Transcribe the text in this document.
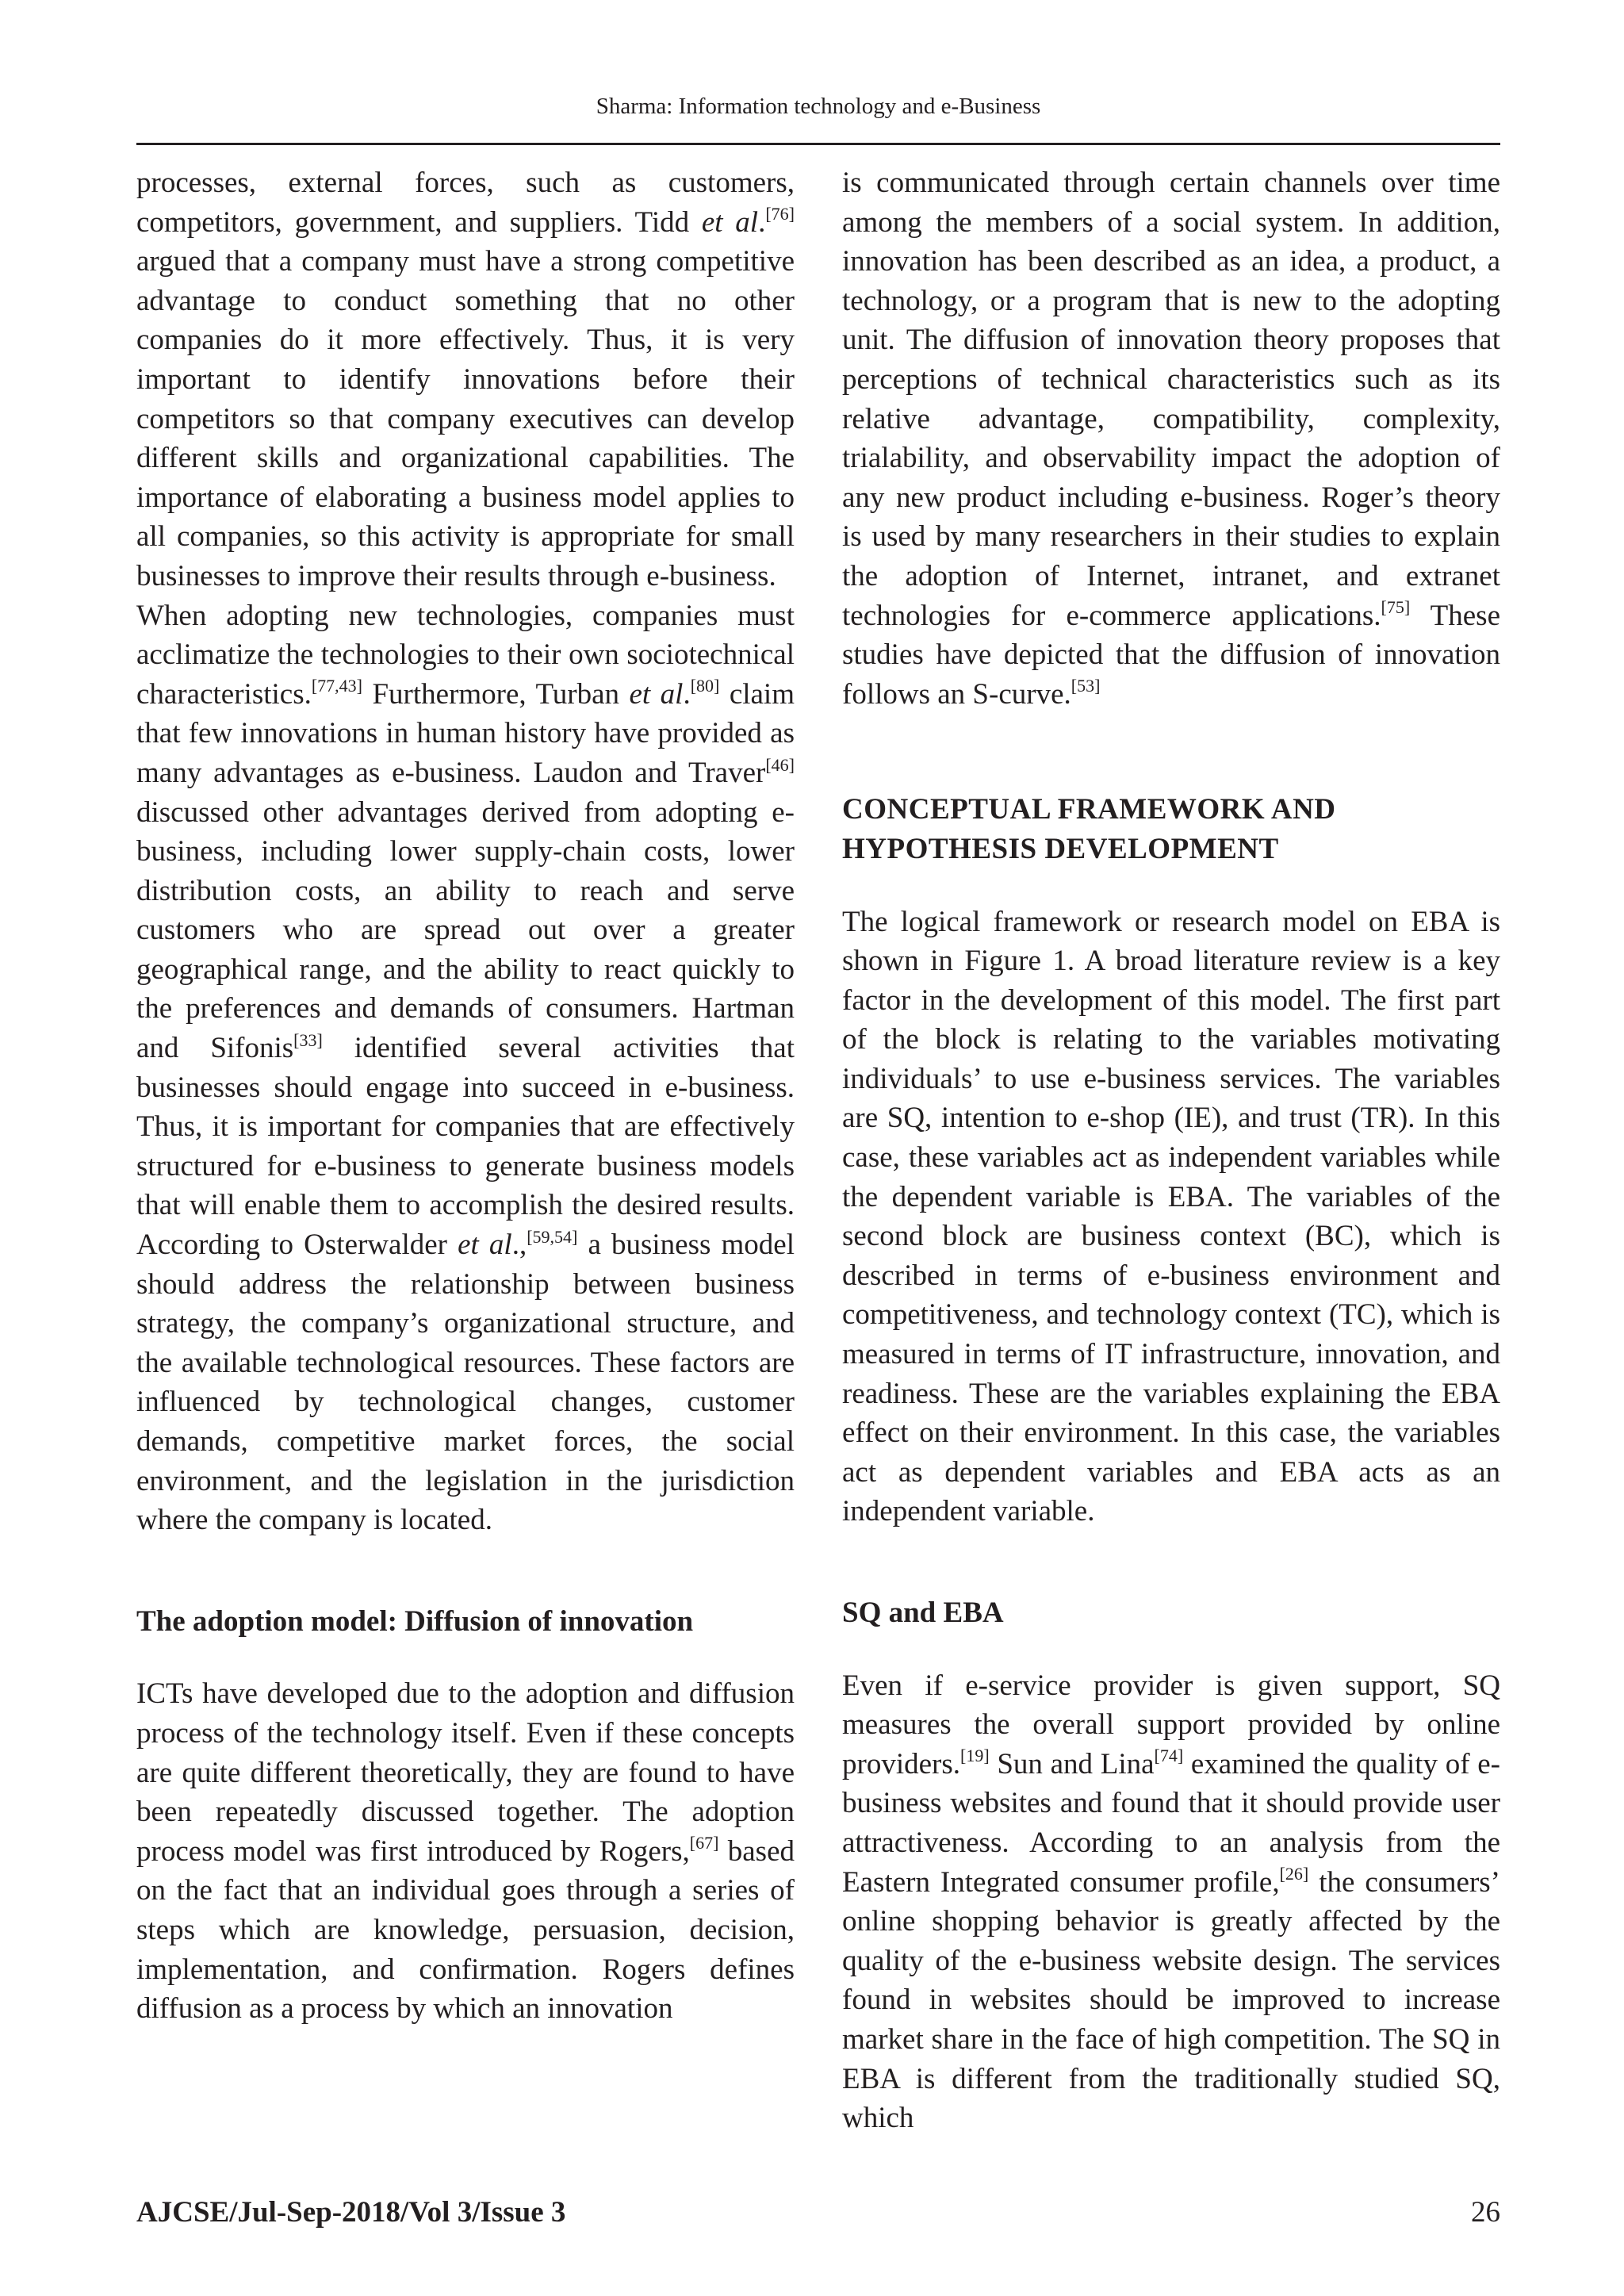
Sharma: Information technology and e-Business

processes, external forces, such as customers, competitors, government, and suppliers. Tidd et al.[76] argued that a company must have a strong competitive advantage to conduct something that no other companies do it more effectively. Thus, it is very important to identify innovations before their competitors so that company executives can develop different skills and organizational capabilities. The importance of elaborating a business model applies to all companies, so this activity is appropriate for small businesses to improve their results through e-business.

When adopting new technologies, companies must acclimatize the technologies to their own sociotechnical characteristics.[77,43] Furthermore, Turban et al.[80] claim that few innovations in human history have provided as many advantages as e-business. Laudon and Traver[46] discussed other advantages derived from adopting e-business, including lower supply-chain costs, lower distribution costs, an ability to reach and serve customers who are spread out over a greater geographical range, and the ability to react quickly to the preferences and demands of consumers. Hartman and Sifonis[33] identified several activities that businesses should engage into succeed in e-business. Thus, it is important for companies that are effectively structured for e-business to generate business models that will enable them to accomplish the desired results. According to Osterwalder et al.,[59,54] a business model should address the relationship between business strategy, the company’s organizational structure, and the available technological resources. These factors are influenced by technological changes, customer demands, competitive market forces, the social environment, and the legislation in the jurisdiction where the company is located.

The adoption model: Diffusion of innovation

ICTs have developed due to the adoption and diffusion process of the technology itself. Even if these concepts are quite different theoretically, they are found to have been repeatedly discussed together. The adoption process model was first introduced by Rogers,[67] based on the fact that an individual goes through a series of steps which are knowledge, persuasion, decision, implementation, and confirmation. Rogers defines diffusion as a process by which an innovation

is communicated through certain channels over time among the members of a social system. In addition, innovation has been described as an idea, a product, a technology, or a program that is new to the adopting unit. The diffusion of innovation theory proposes that perceptions of technical characteristics such as its relative advantage, compatibility, complexity, trialability, and observability impact the adoption of any new product including e-business. Roger’s theory is used by many researchers in their studies to explain the adoption of Internet, intranet, and extranet technologies for e-commerce applications.[75] These studies have depicted that the diffusion of innovation follows an S-curve.[53]

CONCEPTUAL FRAMEWORK AND
HYPOTHESIS DEVELOPMENT

The logical framework or research model on EBA is shown in Figure 1. A broad literature review is a key factor in the development of this model. The first part of the block is relating to the variables motivating individuals’ to use e-business services. The variables are SQ, intention to e-shop (IE), and trust (TR). In this case, these variables act as independent variables while the dependent variable is EBA. The variables of the second block are business context (BC), which is described in terms of e-business environment and competitiveness, and technology context (TC), which is measured in terms of IT infrastructure, innovation, and readiness. These are the variables explaining the EBA effect on their environment. In this case, the variables act as dependent variables and EBA acts as an independent variable.

SQ and EBA

Even if e-service provider is given support, SQ measures the overall support provided by online providers.[19] Sun and Lina[74] examined the quality of e-business websites and found that it should provide user attractiveness. According to an analysis from the Eastern Integrated consumer profile,[26] the consumers’ online shopping behavior is greatly affected by the quality of the e-business website design. The services found in websites should be improved to increase market share in the face of high competition. The SQ in EBA is different from the traditionally studied SQ, which

AJCSE/Jul-Sep-2018/Vol 3/Issue 3	26
